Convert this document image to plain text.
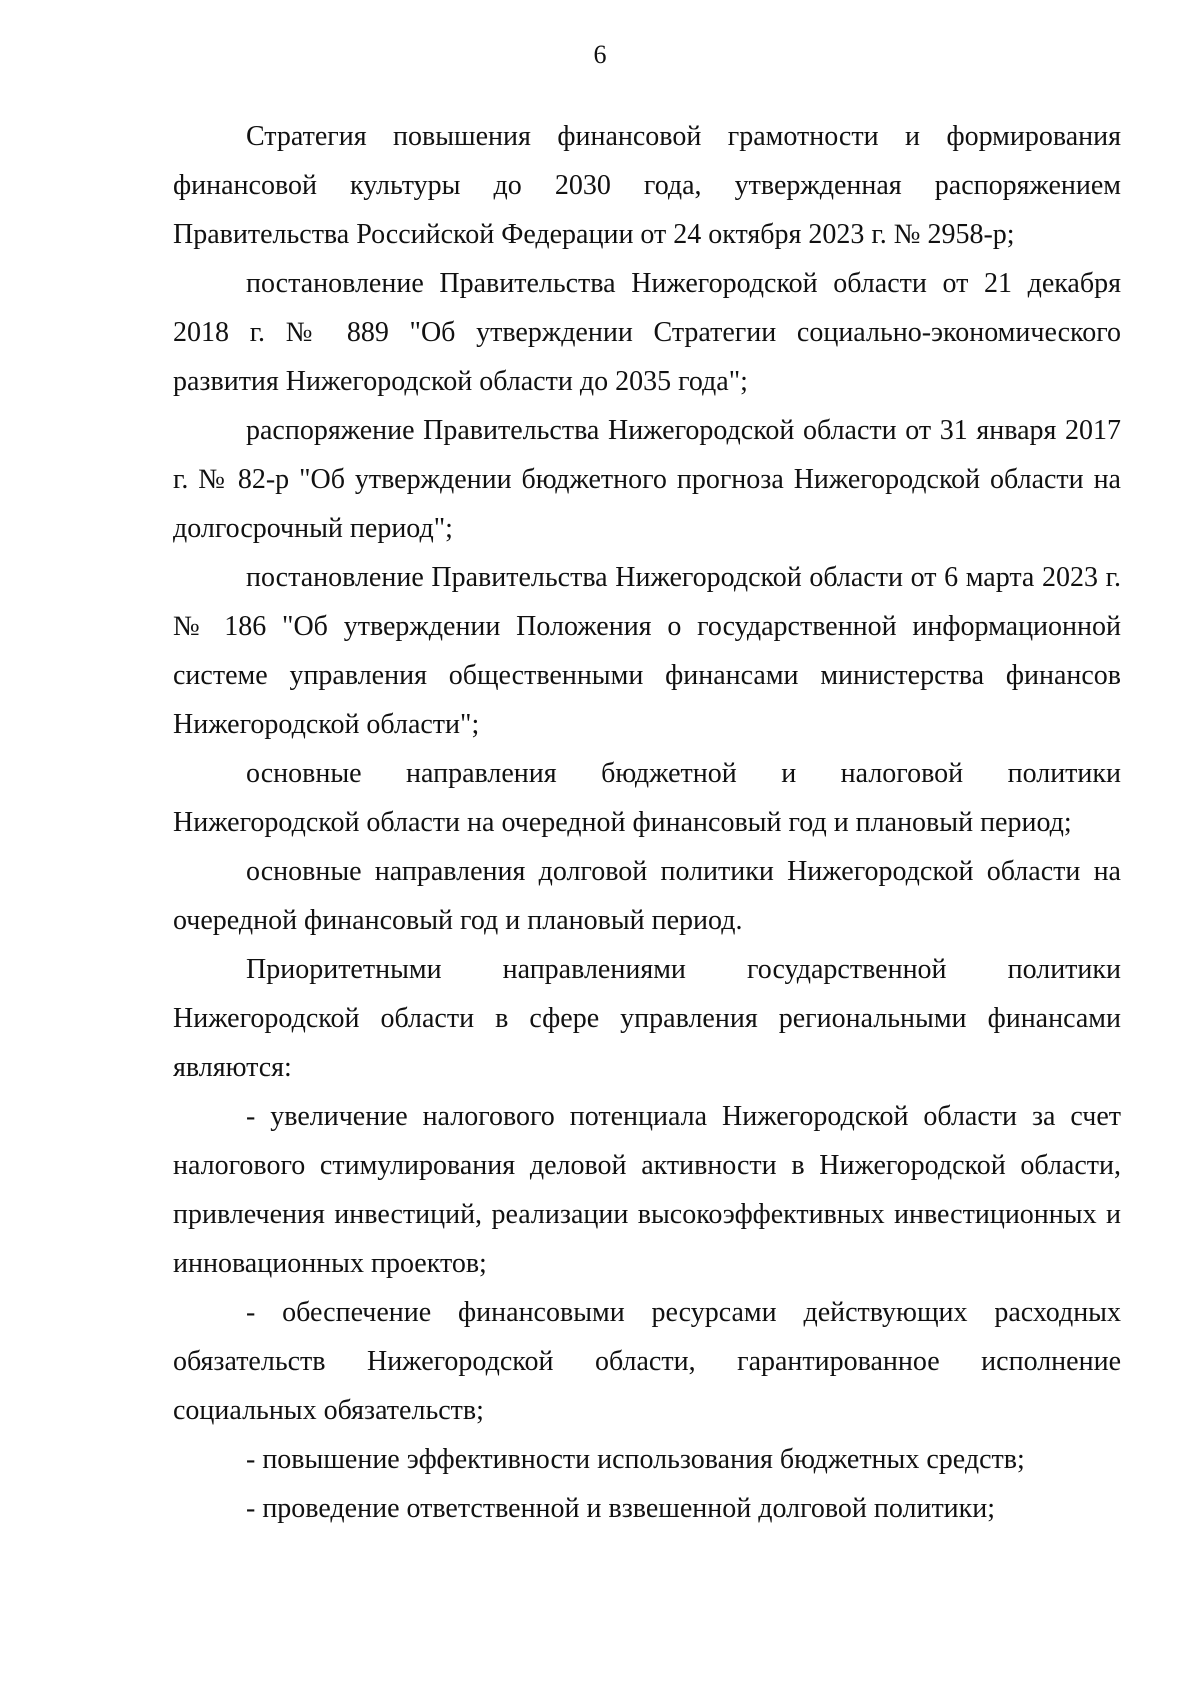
6

Стратегия повышения финансовой грамотности и формирования финансовой культуры до 2030 года, утвержденная распоряжением Правительства Российской Федерации от 24 октября 2023 г. № 2958-р;

постановление Правительства Нижегородской области от 21 декабря 2018 г. № 889 "Об утверждении Стратегии социально-экономического развития Нижегородской области до 2035 года";

распоряжение Правительства Нижегородской области от 31 января 2017 г. № 82-р "Об утверждении бюджетного прогноза Нижегородской области на долгосрочный период";

постановление Правительства Нижегородской области от 6 марта 2023 г. № 186 "Об утверждении Положения о государственной информационной системе управления общественными финансами министерства финансов Нижегородской области";

основные направления бюджетной и налоговой политики Нижегородской области на очередной финансовый год и плановый период;

основные направления долговой политики Нижегородской области на очередной финансовый год и плановый период.

Приоритетными направлениями государственной политики Нижегородской области в сфере управления региональными финансами являются:

- увеличение налогового потенциала Нижегородской области за счет налогового стимулирования деловой активности в Нижегородской области, привлечения инвестиций, реализации высокоэффективных инвестиционных и инновационных проектов;

- обеспечение финансовыми ресурсами действующих расходных обязательств Нижегородской области, гарантированное исполнение социальных обязательств;

- повышение эффективности использования бюджетных средств;

- проведение ответственной и взвешенной долговой политики;
